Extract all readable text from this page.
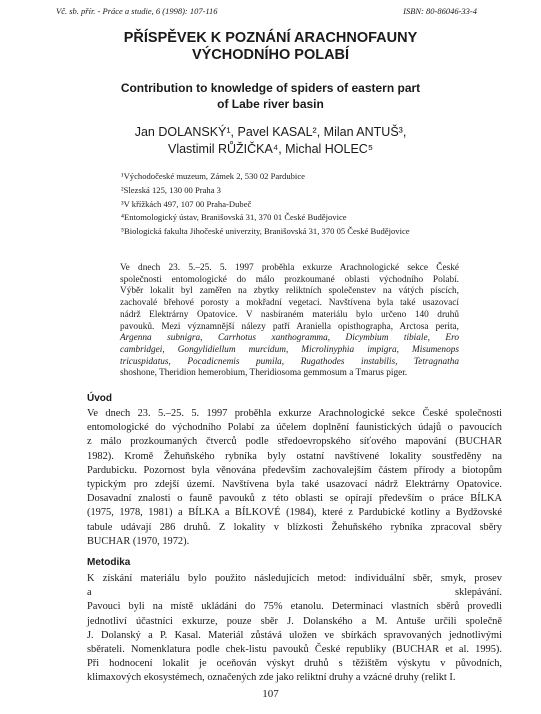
Vč. sb. přír. - Práce a studie, 6 (1998): 107-116	ISBN: 80-86046-33-4
PŘÍSPĚVEK K POZNÁNÍ ARACHNOFAUNY
VÝCHODNÍHO POLABÍ
Contribution to knowledge of spiders of eastern part
of Labe river basin
Jan DOLANSKÝ¹, Pavel KASAL², Milan ANTUŠ³,
Vlastimil RŮŽIČKA⁴, Michal HOLEC⁵
¹Východočeské muzeum, Zámek 2, 530 02 Pardubice
²Slezská 125, 130 00 Praha 3
³V křížkách 497, 107 00 Praha-Dubeč
⁴Entomologický ústav, Branišovská 31, 370 01 České Budějovice
⁵Biologická fakulta Jihočeské univerzity, Branišovská 31, 370 05 České Budějovice
Ve dnech 23. 5.–25. 5. 1997 proběhla exkurze Arachnologické sekce České
společnosti entomologické do málo prozkoumané oblasti východního Polabí.
Výběr lokalit byl zaměřen na zbytky reliktních společenstev na vátých píscích,
zachovalé břehové porosty a mokřadní vegetaci. Navštívena byla také usazovací
nádrž Elektrárny Opatovice. V nasbíraném materiálu bylo určeno 140 druhů
pavouků. Mezi významnější nálezy patří Araniella opisthographa, Arctosa perita,
Argenna subnigra, Carrhotus xanthogramma, Dicymbium tibiale, Ero
cambridgei, Gongylidiellum murcidum, Microlinyphia impigra, Misumenops
tricuspidatus, Pocadicnemis pumila, Rugathodes instabilis, Tetragnatha
shoshone, Theridion hemerobium, Theridiosoma gemmosum a Tmarus piger.
Úvod
Ve dnech 23. 5.–25. 5. 1997 proběhla exkurze Arachnologické sekce České společnosti
entomologické do východního Polabí za účelem doplnění faunistických údajů o pavoucích
z málo prozkoumaných čtverců podle středoevropského síťového mapování (BUCHAR
1982). Kromě Žehuňského rybníka byly ostatní navštívené lokality soustředěny na
Pardubicku. Pozornost byla věnována především zachovalejším částem přírody a biotopům
typickým pro zdejší území. Navštívena byla také usazovací nádrž Elektrárny Opatovice.
Dosavadní znalosti o fauně pavouků z této oblasti se opírají především o práce BÍLKA
(1975, 1978, 1981) a BÍLKA a BÍLKOVÉ (1984), které z Pardubické kotliny a Bydžovské
tabule udávají 286 druhů. Z lokality v blízkosti Žehuňského rybníka zpracoval sběry
BUCHAR (1970, 1972).
Metodika
K získání materiálu bylo použito následujících metod: individuální sběr, smyk, prosev
a sklepávání.
Pavouci byli na místě ukládáni do 75% etanolu. Determinaci vlastních sběrů provedli
jednotliví účastníci exkurze, pouze sběr J. Dolanského a M. Antuše určili společně
J. Dolanský a P. Kasal. Materiál zůstává uložen ve sbírkách spravovaných jednotlivými
sběrateli. Nomenklatura podle chek-listu pavouků České republiky (BUCHAR et al. 1995).
Při hodnocení lokalit je oceňován výskyt druhů s těžištěm výskytu v původních,
klimaxových ekosystémech, označených zde jako reliktní druhy a vzácné druhy (relikt I.
107
